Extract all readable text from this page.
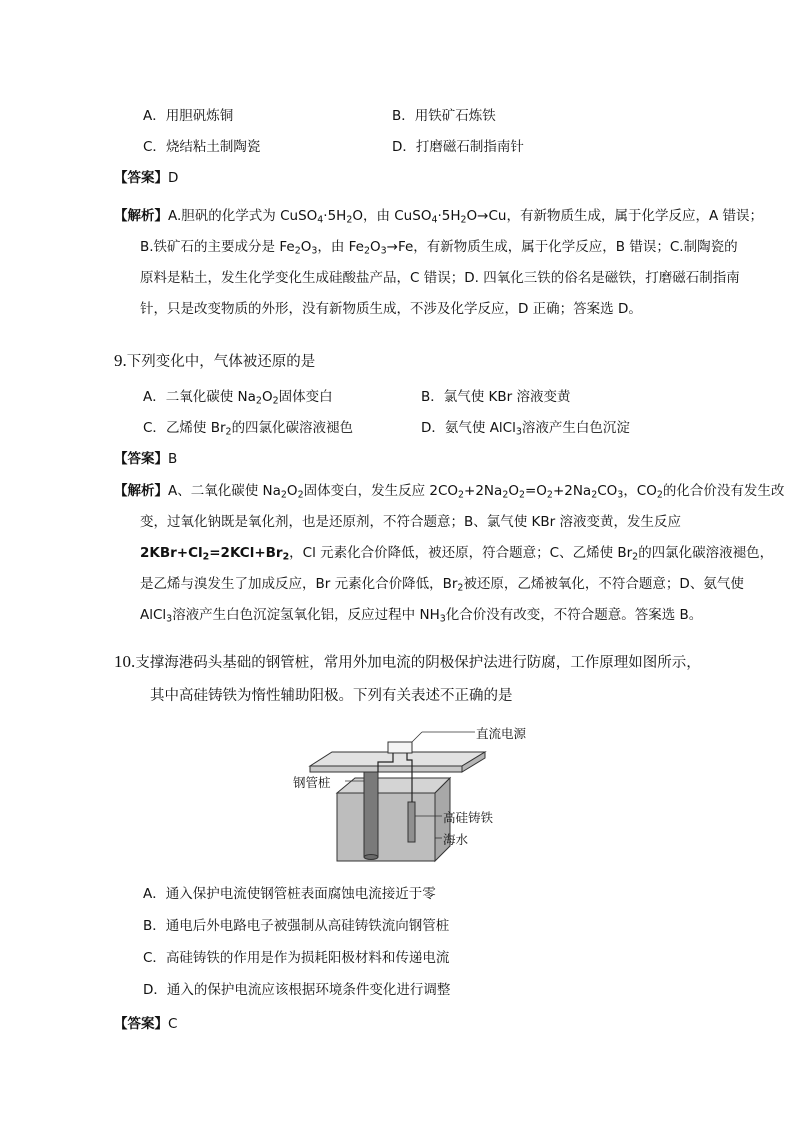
A．用胆矾炼铜	B．用铁矿石炼铁
C．烧结粘土制陶瓷	D．打磨磁石制指南针
【答案】D
【解析】A.胆矾的化学式为 $CuSO_4\cdot 5H_2O$，由 $CuSO_4\cdot 5H_2O\to Cu$，有新物质生成，属于化学反应，A 错误；
B.铁矿石的主要成分是 $Fe_2O_3$，由 $Fe_2O_3\to Fe$，有新物质生成，属于化学反应，B 错误；C.制陶瓷的
原料是粘土，发生化学变化生成硅酸盐产品，C 错误；D. 四氧化三铁的俗名是磁铁，打磨磁石制指南
针，只是改变物质的外形，没有新物质生成，不涉及化学反应，D 正确；答案选 D。
9.下列变化中，气体被还原的是
A．二氧化碳使 $Na_2O_2$固体变白	B．氯气使 KBr 溶液变黄
C．乙烯使 $Br_2$的四氯化碳溶液褪色	D．氨气使 AlCl$_3$溶液产生白色沉淀
【答案】B
【解析】A、二氧化碳使 $Na_2O_2$固体变白，发生反应 $2CO_2+2Na_2O_2=O_2+2Na_2CO_3$，$CO_2$的化合价没有发生改
变，过氧化钠既是氧化剂，也是还原剂，不符合题意；B、氯气使 KBr 溶液变黄，发生反应
$2KBr+Cl_2=2KCl+Br_2$，Cl 元素化合价降低，被还原，符合题意；C、乙烯使 $Br_2$的四氯化碳溶液褪色，
是乙烯与溴发生了加成反应，Br 元素化合价降低，$Br_2$被还原，乙烯被氧化，不符合题意；D、氨气使
AlCl$_3$溶液产生白色沉淀氢氧化铝，反应过程中 $NH_3$化合价没有改变，不符合题意。答案选 B。
10.支撑海港码头基础的钢管桩，常用外加电流的阴极保护法进行防腐，工作原理如图所示，
其中高硅铸铁为惰性辅助阳极。下列有关表述不正确的是
直流电源
钢管桩
高硅铸铁
海水
A．通入保护电流使钢管桩表面腐蚀电流接近于零
B．通电后外电路电子被强制从高硅铸铁流向钢管桩
C．高硅铸铁的作用是作为损耗阳极材料和传递电流
D．通入的保护电流应该根据环境条件变化进行调整
【答案】C
